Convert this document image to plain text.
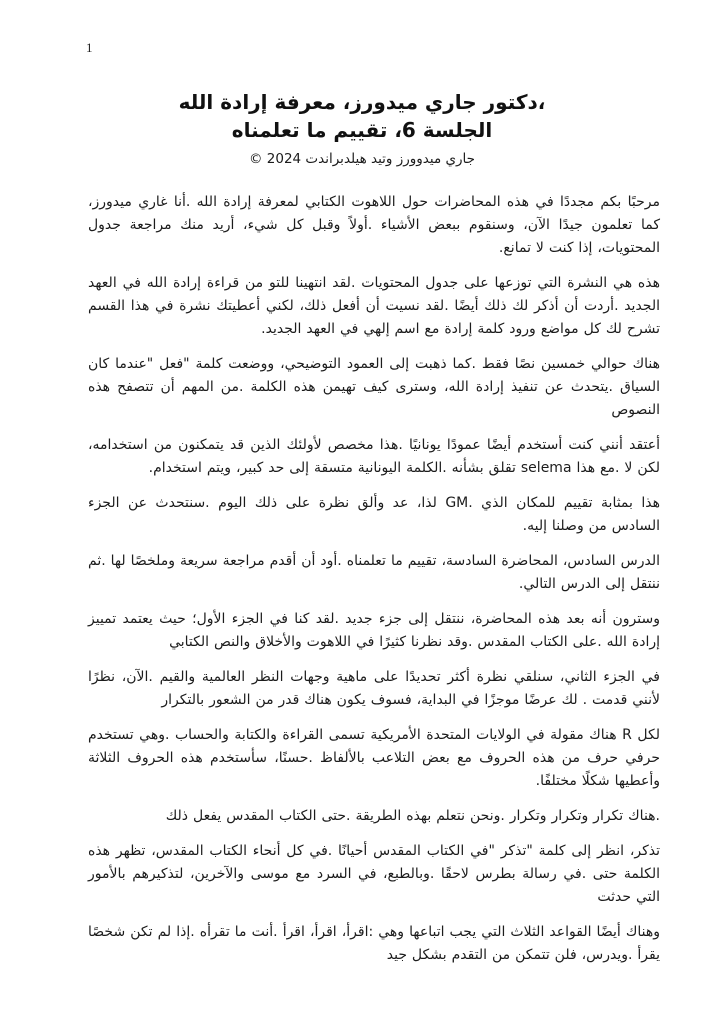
1
،دكتور جاري ميدورز، معرفة إرادة الله
الجلسة 6، تقييم ما تعلمناه
جاري ميدوورز وتيد هيلدبراندت 2024 ©

مرحبًا بكم مجددًا في هذه المحاضرات حول اللاهوت الكتابي لمعرفة إرادة الله .أنا غاري ميدورز، كما تعلمون جيدًا الآن، وسنقوم ببعض الأشياء .أولاً وقبل كل شيء، أريد منك مراجعة جدول المحتويات، إذا كنت لا تمانع.

هذه هي النشرة التي توزعها على جدول المحتويات .لقد انتهينا للتو من قراءة إرادة الله في العهد الجديد .أردت أن أذكر لك ذلك أيضًا .لقد نسيت أن أفعل ذلك، لكني أعطيتك نشرة في هذا القسم تشرح لك كل مواضع ورود كلمة إرادة مع اسم إلهي في العهد الجديد.

هناك حوالي خمسين نصًا فقط .كما ذهبت إلى العمود التوضيحي، ووضعت كلمة "فعل "عندما كان السياق .يتحدث عن تنفيذ إرادة الله، وسترى كيف تهيمن هذه الكلمة .من المهم أن تتصفح هذه النصوص

أعتقد أنني كنت أستخدم أيضًا عمودًا يونانيًا .هذا مخصص لأولئك الذين قد يتمكنون من استخدامه، لكن لا .مع هذا selema تقلق بشأنه .الكلمة اليونانية متسقة إلى حد كبير، ويتم استخدام.

هذا بمثابة تقييم للمكان الذي .GM لذا، عد وألق نظرة على ذلك اليوم .سنتحدث عن الجزء السادس من وصلنا إليه.

الدرس السادس، المحاضرة السادسة، تقييم ما تعلمناه .أود أن أقدم مراجعة سريعة وملخصًا لها .ثم ننتقل إلى الدرس التالي.

وسترون أنه بعد هذه المحاضرة، ننتقل إلى جزء جديد .لقد كنا في الجزء الأول؛ حيث يعتمد تمييز إرادة الله .على الكتاب المقدس .وقد نظرنا كثيرًا في اللاهوت والأخلاق والنص الكتابي

في الجزء الثاني، سنلقي نظرة أكثر تحديدًا على ماهية وجهات النظر العالمية والقيم .الآن، نظرًا لأنني قدمت . لك عرضًا موجزًا في البداية، فسوف يكون هناك قدر من الشعور بالتكرار

لكل R هناك مقولة في الولايات المتحدة الأمريكية تسمى القراءة والكتابة والحساب .وهي تستخدم حرفي حرف من هذه الحروف مع بعض التلاعب بالألفاظ .حسنًا، سأستخدم هذه الحروف الثلاثة وأعطيها شكلًا مختلفًا.

.هناك تكرار وتكرار وتكرار .ونحن نتعلم بهذه الطريقة .حتى الكتاب المقدس يفعل ذلك

تذكر، انظر إلى كلمة "تذكر "في الكتاب المقدس أحيانًا .في كل أنحاء الكتاب المقدس، تظهر هذه الكلمة حتى .في رسالة بطرس لاحقًا .وبالطبع، في السرد مع موسى والآخرين، لتذكيرهم بالأمور التي حدثت

وهناك أيضًا القواعد الثلاث التي يجب اتباعها وهي :اقرأ، اقرأ، اقرأ .أنت ما تقرأه .إذا لم تكن شخصًا يقرأ .ويدرس، فلن تتمكن من التقدم بشكل جيد
